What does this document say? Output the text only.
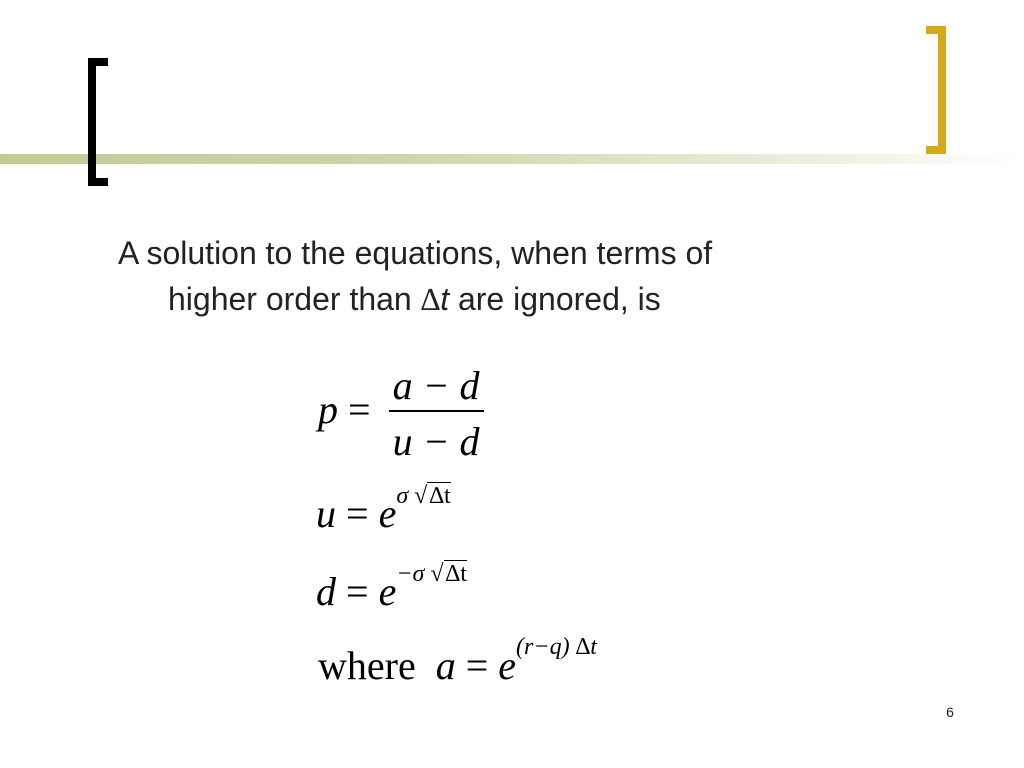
A solution to the equations, when terms of
higher order than ∆t are ignored, is
$p = \frac{a - d}{u - d}$
$u = e^{\sigma √\Delta t}$
$d = e^{-\sigma √\Delta t}$
where $a = e^{(r-q) \Delta t}$
6
